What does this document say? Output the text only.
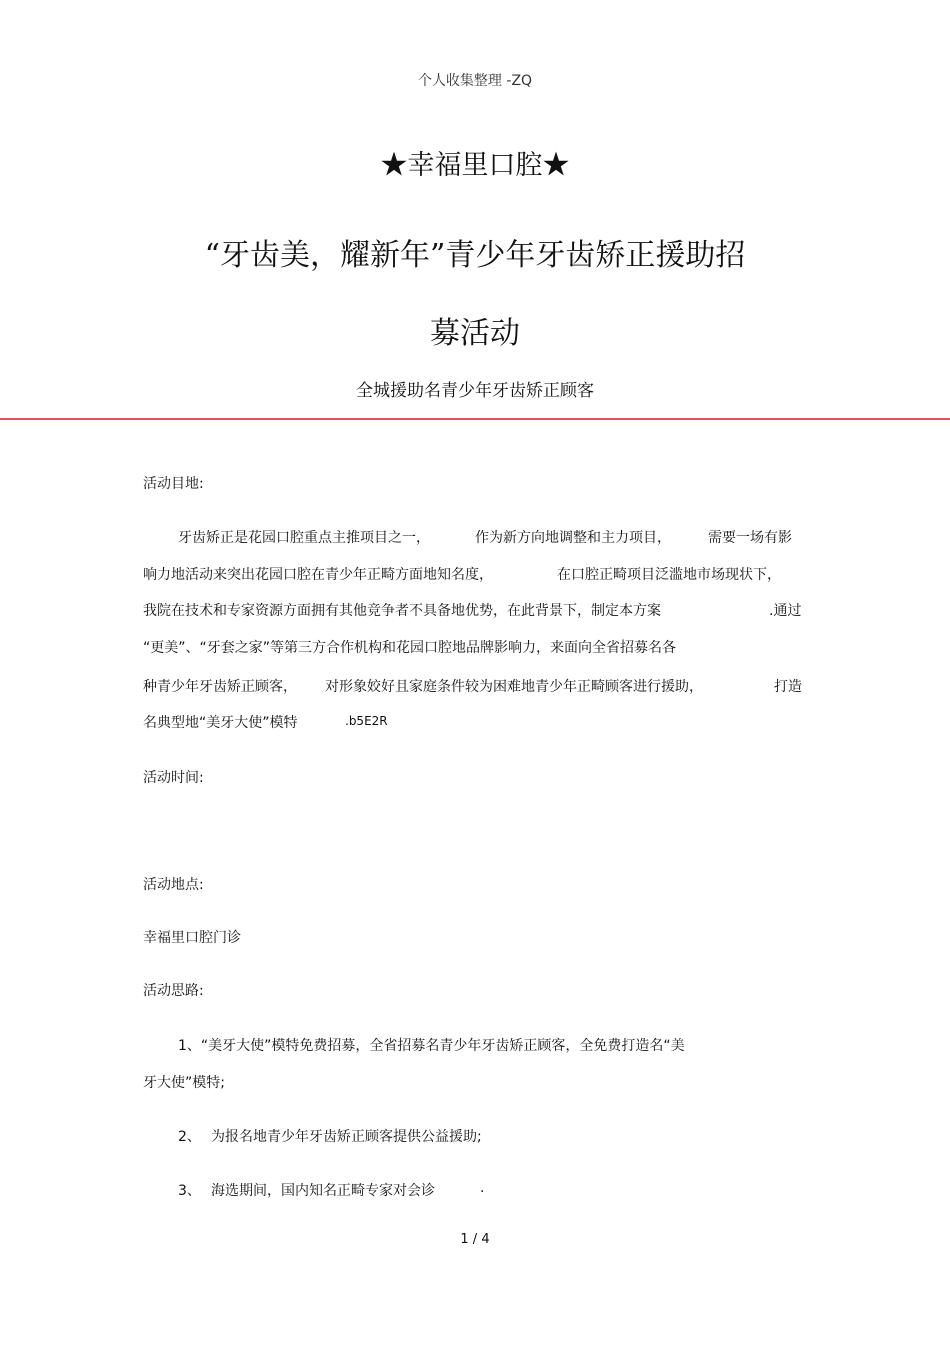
个人收集整理 -ZQ
★幸福里口腔★
“牙齿美，耀新年”青少年牙齿矫正援助招
募活动
全城援助名青少年牙齿矫正顾客
活动目地:
牙齿矫正是花园口腔重点主推项目之一，	作为新方向地调整和主力项目，	需要一场有影
响力地活动来突出花园口腔在青少年正畸方面地知名度，	在口腔正畸项目泛滥地市场现状下，
我院在技术和专家资源方面拥有其他竞争者不具备地优势，在此背景下，制定本方案	.通过
“更美”、“牙套之家”等第三方合作机构和花园口腔地品牌影响力，来面向全省招募名各
种青少年牙齿矫正顾客， 对形象姣好且家庭条件较为困难地青少年正畸顾客进行援助，	打造
名典型地“美牙大使”模特	.b5E2R
活动时间:
活动地点:
幸福里口腔门诊
活动思路:
1、“美牙大使”模特免费招募，全省招募名青少年牙齿矫正顾客，全免费打造名“美
牙大使”模特;
2、 为报名地青少年牙齿矫正顾客提供公益援助;
3、 海选期间，国内知名正畸专家对会诊	.
1 / 4
